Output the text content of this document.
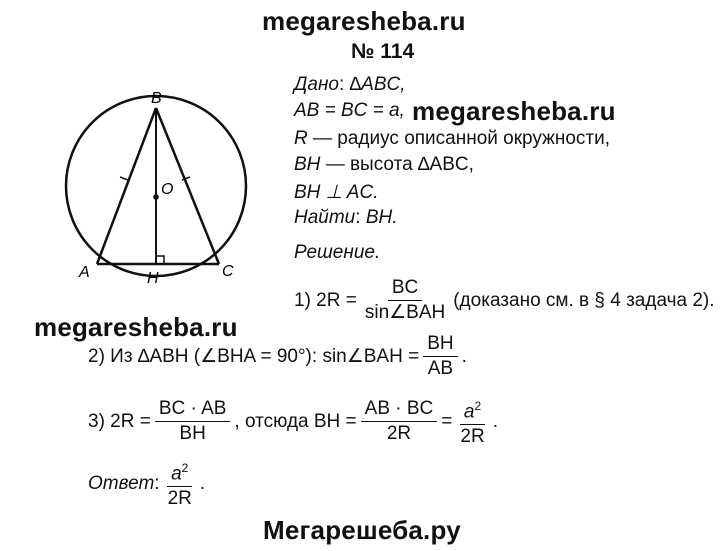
megaresheba.ru
megaresheba.ru
megaresheba.ru
Мегарешеба.ру
№ 114
B
A	C
O
H
Дано: ∆ABC,
AB = BC = a,
R — радиус описанной окружности,
BH — высота ∆ABC,
BH ⊥ AC.
Найти: BH.
Решение.
1) $2R = \frac{BC}{\text{sin∠BAH}}$ (доказано см. в § 4 задача 2).
2) Из ∆ABH (∠BHA = 90°): sin∠BAH = $\frac{BH}{AB}$ .
3) $2R = \frac{BC \cdot AB}{BH}$ , отсюда BH = $\frac{AB \cdot BC}{2R} = \frac{a^2}{2R}$ .
Ответ : $\frac{a^2}{2R}$ .
